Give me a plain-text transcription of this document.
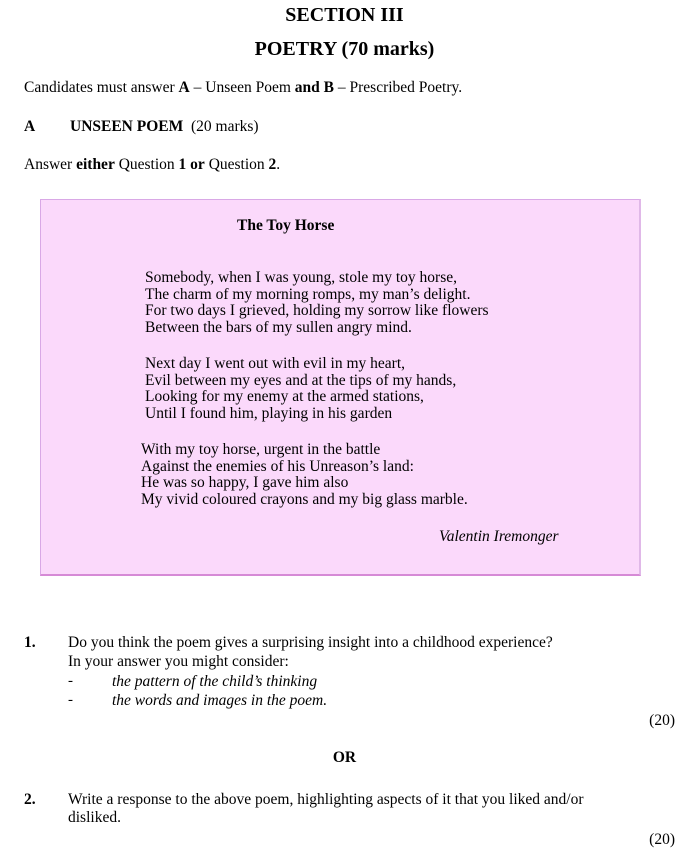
SECTION III
POETRY (70 marks)
Candidates must answer A – Unseen Poem and B – Prescribed Poetry.
A UNSEEN POEM (20 marks)
Answer either Question 1 or Question 2.
The Toy Horse
Somebody, when I was young, stole my toy horse,
The charm of my morning romps, my man’s delight.
For two days I grieved, holding my sorrow like flowers
Between the bars of my sullen angry mind.
Next day I went out with evil in my heart,
Evil between my eyes and at the tips of my hands,
Looking for my enemy at the armed stations,
Until I found him, playing in his garden
With my toy horse, urgent in the battle
Against the enemies of his Unreason’s land:
He was so happy, I gave him also
My vivid coloured crayons and my big glass marble.
Valentin Iremonger
1. Do you think the poem gives a surprising insight into a childhood experience?
In your answer you might consider:
-	the pattern of the child’s thinking
-	the words and images in the poem.
(20)
OR
2. Write a response to the above poem, highlighting aspects of it that you liked and/or
disliked.
(20)
